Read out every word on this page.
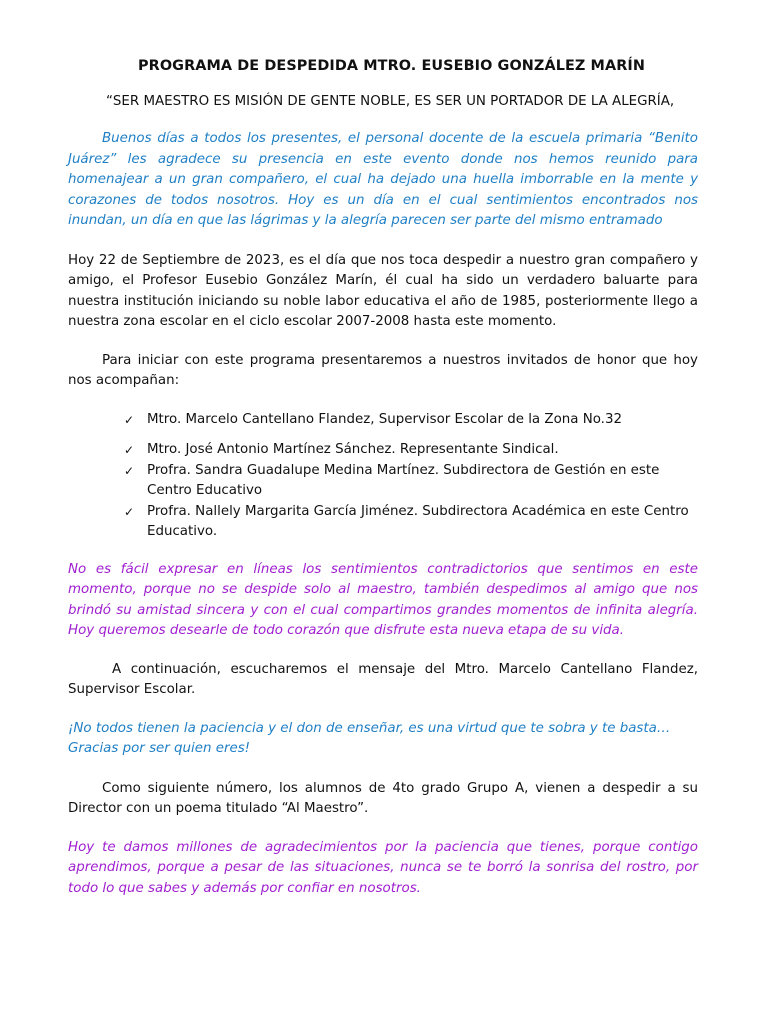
PROGRAMA DE DESPEDIDA MTRO. EUSEBIO GONZÁLEZ MARÍN

“SER MAESTRO ES MISIÓN DE GENTE NOBLE, ES SER UN PORTADOR DE LA ALEGRÍA,

Buenos días a todos los presentes, el personal docente de la escuela primaria “Benito Juárez” les agradece su presencia en este evento donde nos hemos reunido para homenajear a un gran compañero, el cual ha dejado una huella imborrable en la mente y corazones de todos nosotros. Hoy es un día en el cual sentimientos encontrados nos inundan, un día en que las lágrimas y la alegría parecen ser parte del mismo entramado

Hoy 22 de Septiembre de 2023, es el día que nos toca despedir a nuestro gran compañero y amigo, el Profesor Eusebio González Marín, él cual ha sido un verdadero baluarte para nuestra institución iniciando su noble labor educativa el año de 1985, posteriormente llego a nuestra zona escolar en el ciclo escolar 2007-2008 hasta este momento.

Para iniciar con este programa presentaremos a nuestros invitados de honor que hoy nos acompañan:

✓ Mtro. Marcelo Cantellano Flandez, Supervisor Escolar de la Zona No.32
✓ Mtro. José Antonio Martínez Sánchez. Representante Sindical.
✓ Profra. Sandra Guadalupe Medina Martínez. Subdirectora de Gestión en este Centro Educativo
✓ Profra. Nallely Margarita García Jiménez. Subdirectora Académica en este Centro Educativo.

No es fácil expresar en líneas los sentimientos contradictorios que sentimos en este momento, porque no se despide solo al maestro, también despedimos al amigo que nos brindó su amistad sincera y con el cual compartimos grandes momentos de infinita alegría. Hoy queremos desearle de todo corazón que disfrute esta nueva etapa de su vida.

A continuación, escucharemos el mensaje del Mtro. Marcelo Cantellano Flandez, Supervisor Escolar.

¡No todos tienen la paciencia y el don de enseñar, es una virtud que te sobra y te basta… Gracias por ser quien eres!

Como siguiente número, los alumnos de 4to grado Grupo A, vienen a despedir a su Director con un poema titulado “Al Maestro”.

Hoy te damos millones de agradecimientos por la paciencia que tienes, porque contigo aprendimos, porque a pesar de las situaciones, nunca se te borró la sonrisa del rostro, por todo lo que sabes y además por confiar en nosotros.
